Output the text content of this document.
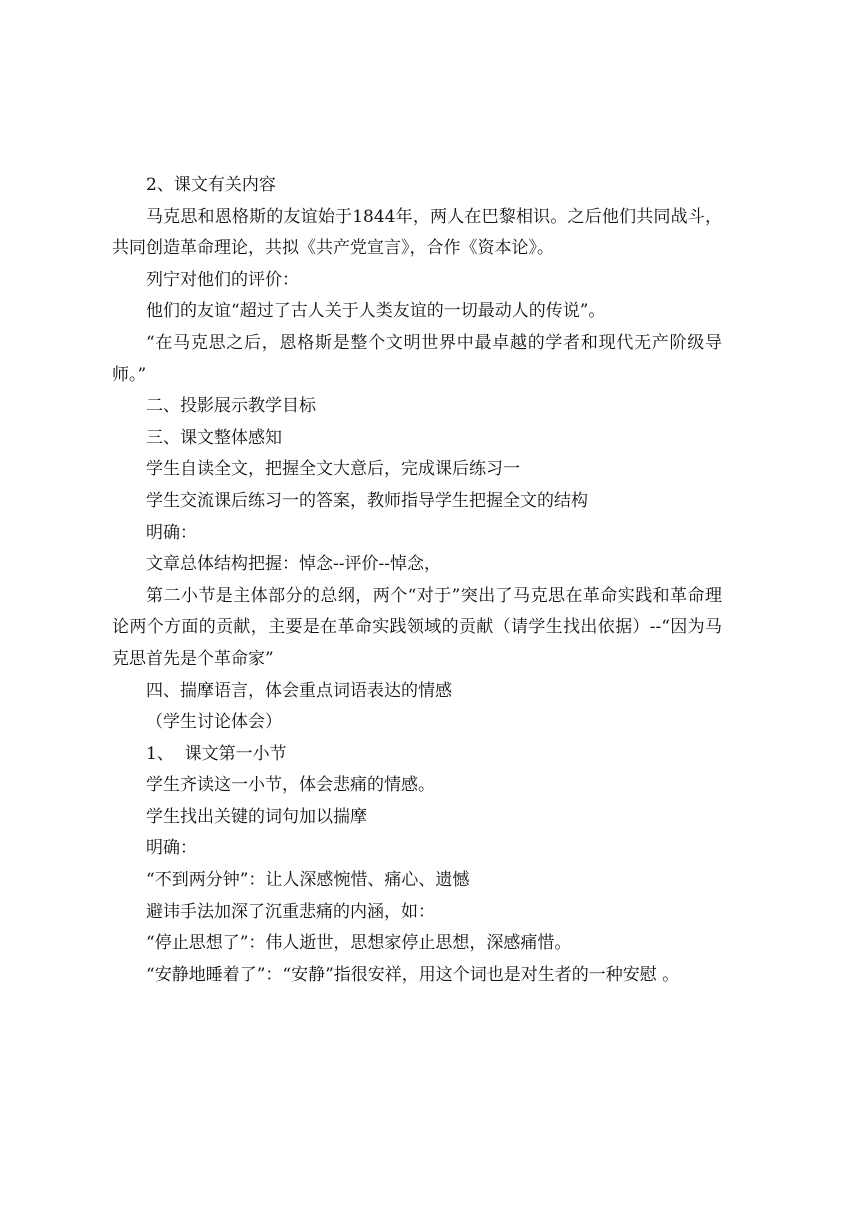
2、课文有关内容

马克思和恩格斯的友谊始于1844年，两人在巴黎相识。之后他们共同战斗，共同创造革命理论，共拟《共产党宣言》，合作《资本论》。

列宁对他们的评价：

他们的友谊“超过了古人关于人类友谊的一切最动人的传说”。

“在马克思之后，恩格斯是整个文明世界中最卓越的学者和现代无产阶级导师。”

二、投影展示教学目标

三、课文整体感知

学生自读全文，把握全文大意后，完成课后练习一

学生交流课后练习一的答案，教师指导学生把握全文的结构

明确：

文章总体结构把握：悼念--评价--悼念，

第二小节是主体部分的总纲，两个“对于”突出了马克思在革命实践和革命理论两个方面的贡献，主要是在革命实践领域的贡献（请学生找出依据）--“因为马克思首先是个革命家”

四、揣摩语言，体会重点词语表达的情感

（学生讨论体会）

1、  课文第一小节

学生齐读这一小节，体会悲痛的情感。

学生找出关键的词句加以揣摩

明确：

“不到两分钟”：让人深感惋惜、痛心、遗憾

避讳手法加深了沉重悲痛的内涵，如：

“停止思想了”：伟人逝世，思想家停止思想，深感痛惜。

“安静地睡着了”：“安静”指很安祥，用这个词也是对生者的一种安慰 。
